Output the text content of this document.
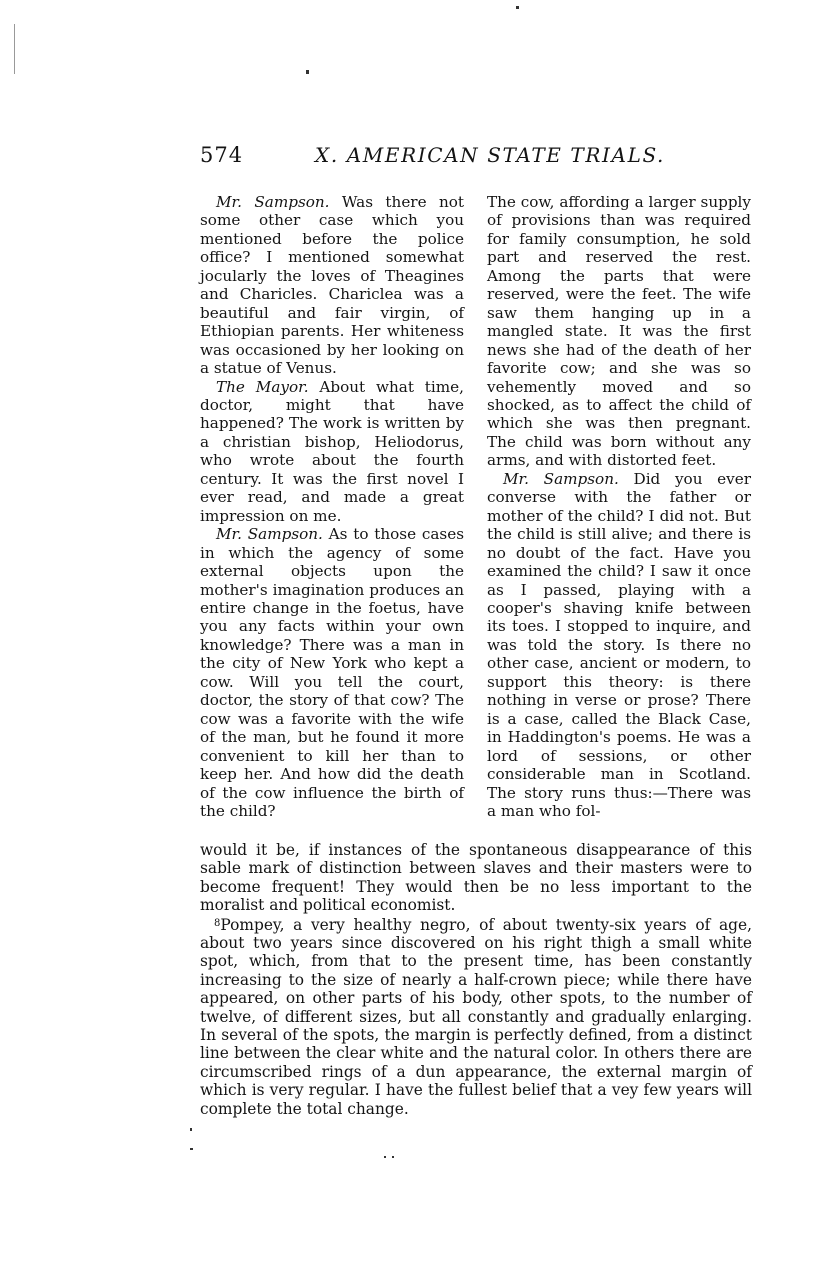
574	X. AMERICAN STATE TRIALS.

Mr. Sampson. Was there not some other case which you mentioned before the police office? I mentioned somewhat jocularly the loves of Theagines and Charicles. Chariclea was a beautiful and fair virgin, of Ethiopian parents. Her whiteness was occasioned by her looking on a statue of Venus.

The Mayor. About what time, doctor, might that have happened? The work is written by a christian bishop, Heliodorus, who wrote about the fourth century. It was the first novel I ever read, and made a great impression on me.

Mr. Sampson. As to those cases in which the agency of some external objects upon the mother's imagination produces an entire change in the foetus, have you any facts within your own knowledge? There was a man in the city of New York who kept a cow. Will you tell the court, doctor, the story of that cow? The cow was a favorite with the wife of the man, but he found it more convenient to kill her than to keep her. And how did the death of the cow influence the birth of the child?

The cow, affording a larger supply of provisions than was required for family consumption, he sold part and reserved the rest. Among the parts that were reserved, were the feet. The wife saw them hanging up in a mangled state. It was the first news she had of the death of her favorite cow; and she was so vehemently moved and so shocked, as to affect the child of which she was then pregnant. The child was born without any arms, and with distorted feet.

Mr. Sampson. Did you ever converse with the father or mother of the child? I did not. But the child is still alive; and there is no doubt of the fact. Have you examined the child? I saw it once as I passed, playing with a cooper's shaving knife between its toes. I stopped to inquire, and was told the story. Is there no other case, ancient or modern, to support this theory: is there nothing in verse or prose? There is a case, called the Black Case, in Haddington's poems. He was a lord of sessions, or other considerable man in Scotland. The story runs thus:—There was a man who fol-

would it be, if instances of the spontaneous disappearance of this sable mark of distinction between slaves and their masters were to become frequent! They would then be no less important to the moralist and political economist.

$^8$Pompey, a very healthy negro, of about twenty-six years of age, about two years since discovered on his right thigh a small white spot, which, from that to the present time, has been constantly increasing to the size of nearly a half-crown piece; while there have appeared, on other parts of his body, other spots, to the number of twelve, of different sizes, but all constantly and gradually enlarging. In several of the spots, the margin is perfectly defined, from a distinct line between the clear white and the natural color. In others there are circumscribed rings of a dun appearance, the external margin of which is very regular. I have the fullest belief that a vey few years will complete the total change.
